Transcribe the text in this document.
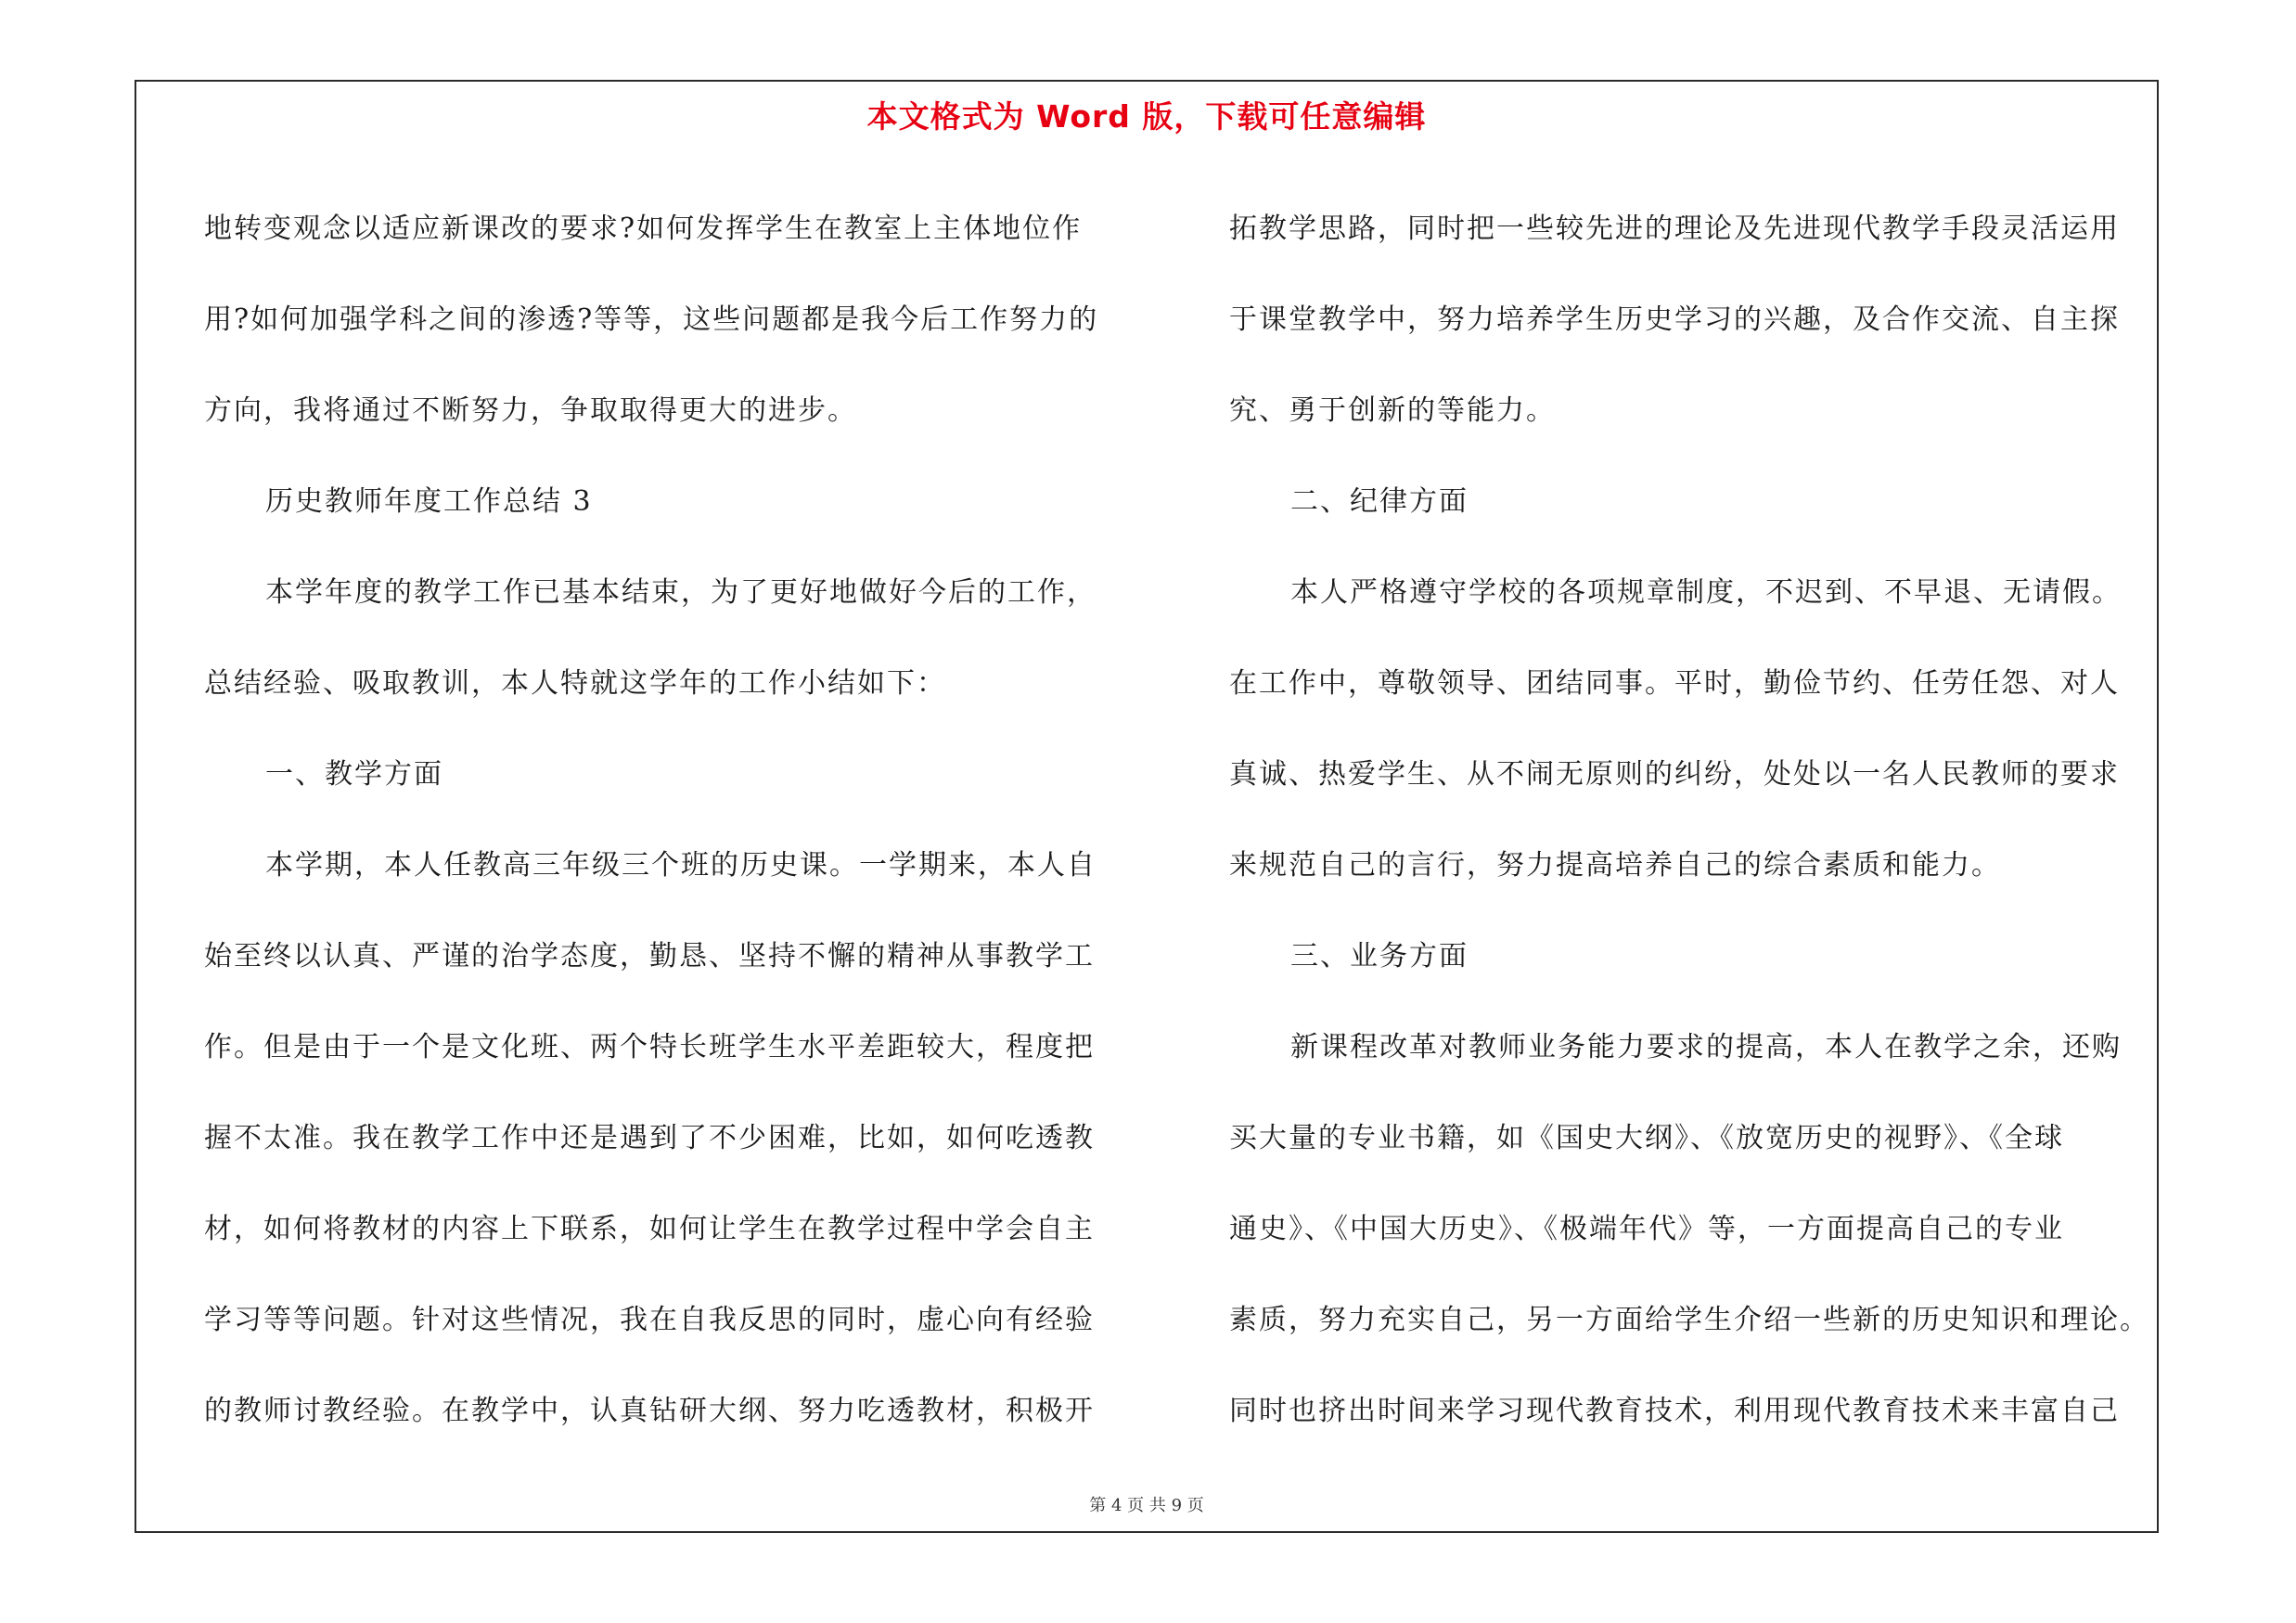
本文格式为 Word 版，下载可任意编辑
地转变观念以适应新课改的要求?如何发挥学生在教室上主体地位作
用?如何加强学科之间的渗透?等等，这些问题都是我今后工作努力的
方向，我将通过不断努力，争取取得更大的进步。
历史教师年度工作总结 3
本学年度的教学工作已基本结束，为了更好地做好今后的工作，
总结经验、吸取教训，本人特就这学年的工作小结如下：
一、教学方面
本学期，本人任教高三年级三个班的历史课。一学期来，本人自
始至终以认真、严谨的治学态度，勤恳、坚持不懈的精神从事教学工
作。但是由于一个是文化班、两个特长班学生水平差距较大，程度把
握不太准。我在教学工作中还是遇到了不少困难，比如，如何吃透教
材，如何将教材的内容上下联系，如何让学生在教学过程中学会自主
学习等等问题。针对这些情况，我在自我反思的同时，虚心向有经验
的教师讨教经验。在教学中，认真钻研大纲、努力吃透教材，积极开
拓教学思路，同时把一些较先进的理论及先进现代教学手段灵活运用
于课堂教学中，努力培养学生历史学习的兴趣，及合作交流、自主探
究、勇于创新的等能力。
二、纪律方面
本人严格遵守学校的各项规章制度，不迟到、不早退、无请假。
在工作中，尊敬领导、团结同事。平时，勤俭节约、任劳任怨、对人
真诚、热爱学生、从不闹无原则的纠纷，处处以一名人民教师的要求
来规范自己的言行，努力提高培养自己的综合素质和能力。
三、业务方面
新课程改革对教师业务能力要求的提高，本人在教学之余，还购
买大量的专业书籍，如《国史大纲》、《放宽历史的视野》、《全球
通史》、《中国大历史》、《极端年代》等，一方面提高自己的专业
素质，努力充实自己，另一方面给学生介绍一些新的历史知识和理论。
同时也挤出时间来学习现代教育技术，利用现代教育技术来丰富自己
第 4 页 共 9 页
